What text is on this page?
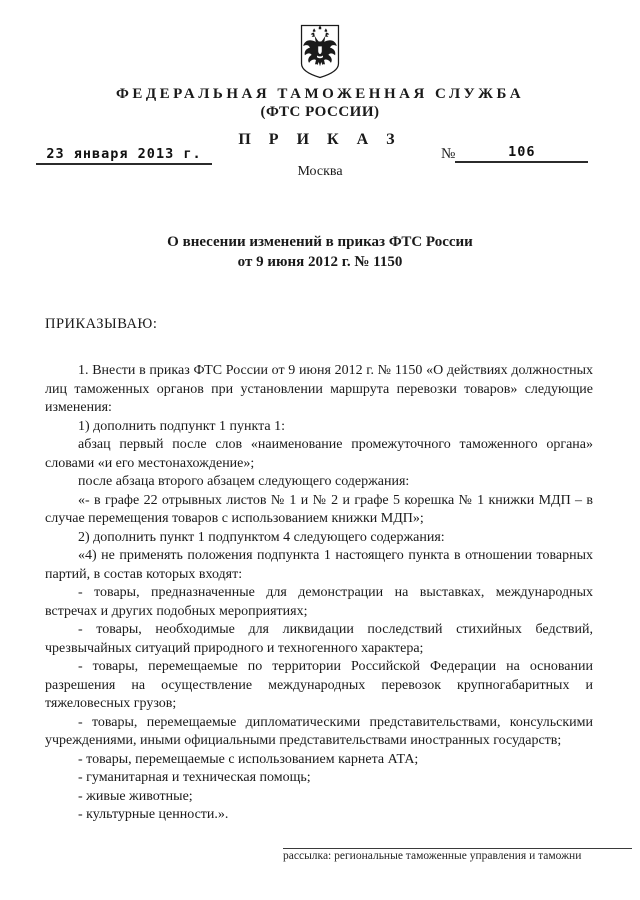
ФЕДЕРАЛЬНАЯ ТАМОЖЕННАЯ СЛУЖБА
(ФТС РОССИИ)
П Р И К А З
23 января 2013 г.	№	106
Москва
О внесении изменений в приказ ФТС России
от 9 июня 2012 г. № 1150
ПРИКАЗЫВАЮ:

1. Внести в приказ ФТС России от 9 июня 2012 г. № 1150 «О действиях должностных лиц таможенных органов при установлении маршрута перевозки товаров» следующие изменения:

1) дополнить подпункт 1 пункта 1:

абзац первый после слов «наименование промежуточного таможенного органа» словами «и его местонахождение»;

после абзаца второго абзацем следующего содержания:

«- в графе 22 отрывных листов № 1 и № 2 и графе 5 корешка № 1 книжки МДП – в случае перемещения товаров с использованием книжки МДП»;

2) дополнить пункт 1 подпунктом 4 следующего содержания:

«4) не применять положения подпункта 1 настоящего пункта в отношении товарных партий, в состав которых входят:

- товары, предназначенные для демонстрации на выставках, международных встречах и других подобных мероприятиях;

- товары, необходимые для ликвидации последствий стихийных бедствий, чрезвычайных ситуаций природного и техногенного характера;

- товары, перемещаемые по территории Российской Федерации на основании разрешения на осуществление международных перевозок крупногабаритных и тяжеловесных грузов;

- товары, перемещаемые дипломатическими представительствами, консульскими учреждениями, иными официальными представительствами иностранных государств;

- товары, перемещаемые с использованием карнета АТА;

- гуманитарная и техническая помощь;

- живые животные;

- культурные ценности.».

рассылка: региональные таможенные управления и таможни
